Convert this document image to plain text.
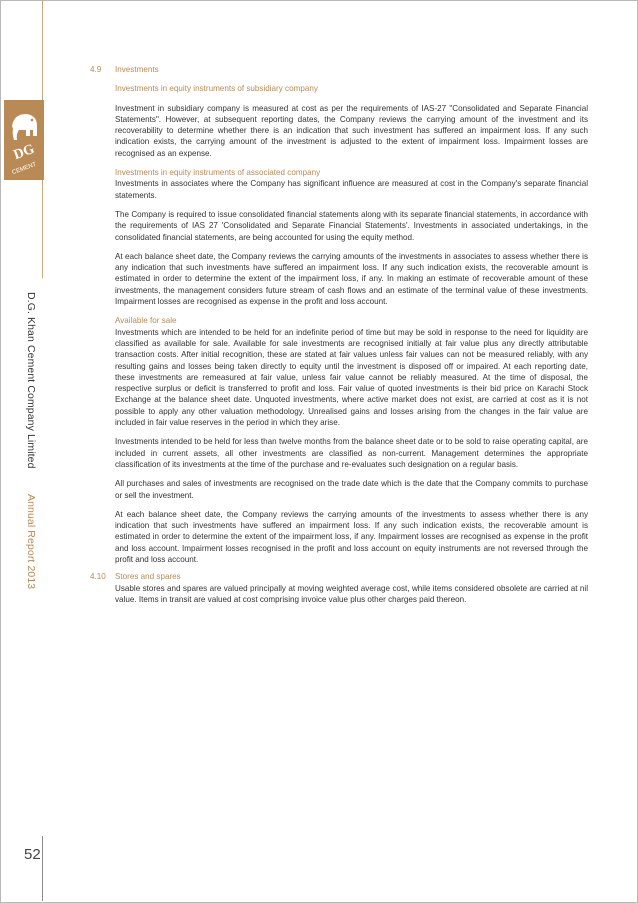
DG
CEMENT
D.G. Khan Cement Company Limited
Annual Report 2013
52
4.9 Investments
Investments in equity instruments of subsidiary company

Investment in subsidiary company is measured at cost as per the requirements of IAS-27 "Consolidated and Separate Financial Statements". However, at subsequent reporting dates, the Company reviews the carrying amount of the investment and its recoverability to determine whether there is an indication that such investment has suffered an impairment loss. If any such indication exists, the carrying amount of the investment is adjusted to the extent of impairment loss. Impairment losses are recognised as an expense.

Investments in equity instruments of associated company

Investments in associates where the Company has significant influence are measured at cost in the Company's separate financial statements.

The Company is required to issue consolidated financial statements along with its separate financial statements, in accordance with the requirements of IAS 27 'Consolidated and Separate Financial Statements'. Investments in associated undertakings, in the consolidated financial statements, are being accounted for using the equity method.

At each balance sheet date, the Company reviews the carrying amounts of the investments in associates to assess whether there is any indication that such investments have suffered an impairment loss. If any such indication exists, the recoverable amount is estimated in order to determine the extent of the impairment loss, if any. In making an estimate of recoverable amount of these investments, the management considers future stream of cash flows and an estimate of the terminal value of these investments. Impairment losses are recognised as expense in the profit and loss account.

Available for sale

Investments which are intended to be held for an indefinite period of time but may be sold in response to the need for liquidity are classified as available for sale. Available for sale investments are recognised initially at fair value plus any directly attributable transaction costs. After initial recognition, these are stated at fair values unless fair values can not be measured reliably, with any resulting gains and losses being taken directly to equity until the investment is disposed off or impaired. At each reporting date, these investments are remeasured at fair value, unless fair value cannot be reliably measured. At the time of disposal, the respective surplus or deficit is transferred to profit and loss. Fair value of quoted investments is their bid price on Karachi Stock Exchange at the balance sheet date. Unquoted investments, where active market does not exist, are carried at cost as it is not possible to apply any other valuation methodology. Unrealised gains and losses arising from the changes in the fair value are included in fair value reserves in the period in which they arise.

Investments intended to be held for less than twelve months from the balance sheet date or to be sold to raise operating capital, are included in current assets, all other investments are classified as non-current. Management determines the appropriate classification of its investments at the time of the purchase and re-evaluates such designation on a regular basis.

All purchases and sales of investments are recognised on the trade date which is the date that the Company commits to purchase or sell the investment.

At each balance sheet date, the Company reviews the carrying amounts of the investments to assess whether there is any indication that such investments have suffered an impairment loss. If any such indication exists, the recoverable amount is estimated in order to determine the extent of the impairment loss, if any. Impairment losses are recognised as expense in the profit and loss account. Impairment losses recognised in the profit and loss account on equity instruments are not reversed through the profit and loss account.

4.10 Stores and spares

Usable stores and spares are valued principally at moving weighted average cost, while items considered obsolete are carried at nil value. Items in transit are valued at cost comprising invoice value plus other charges paid thereon.
